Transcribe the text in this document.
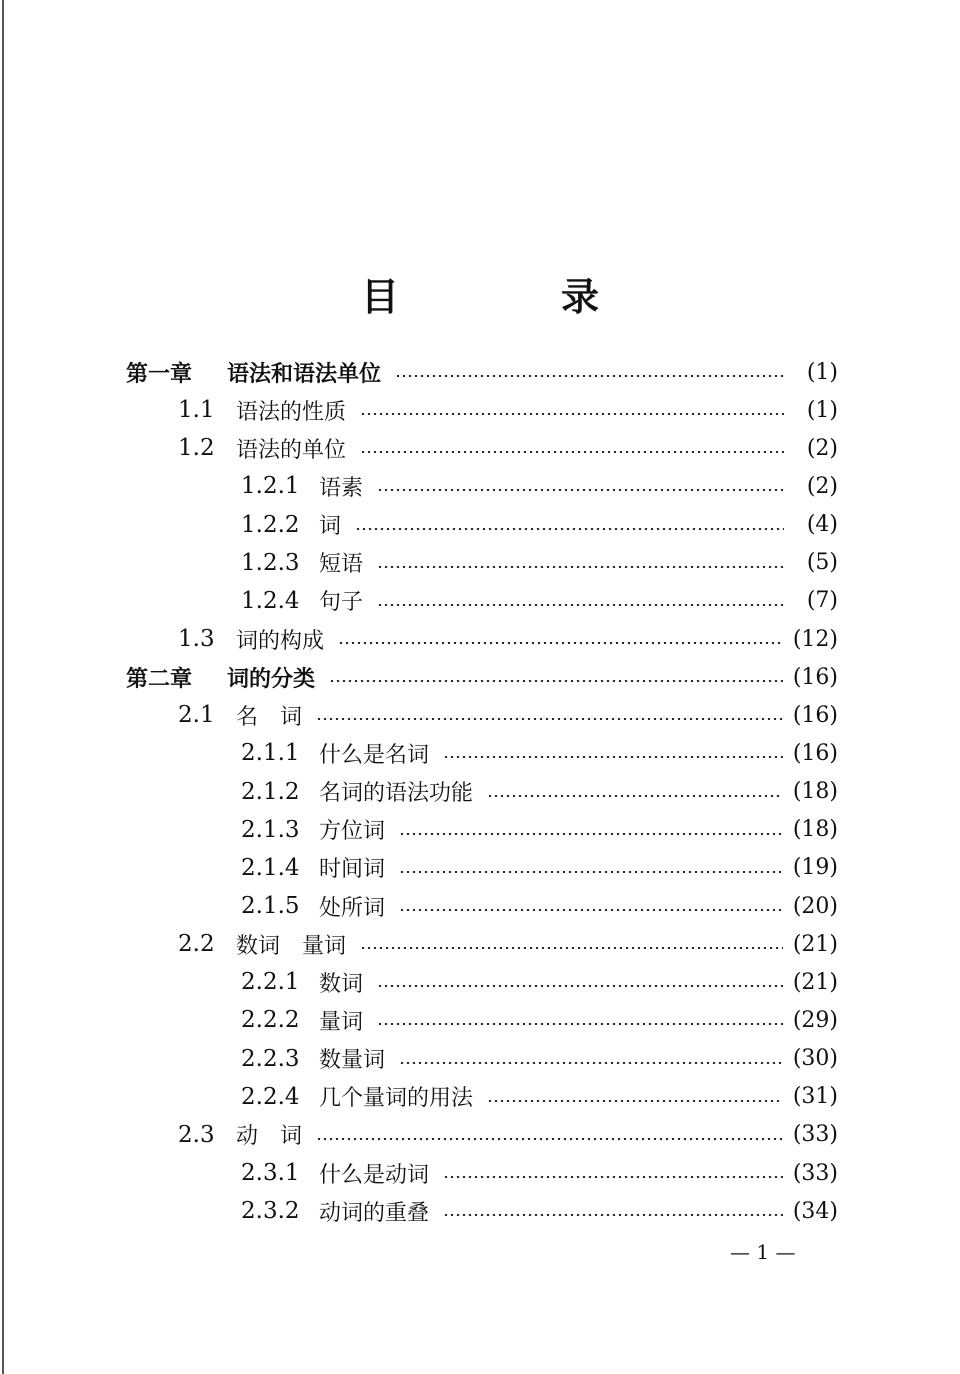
目　录
第一章	语法和语法单位	(1)
1.1 语法的性质	(1)
1.2 语法的单位	(2)
1.2.1 语素	(2)
1.2.2 词	(4)
1.2.3 短语	(5)
1.2.4 句子	(7)
1.3 词的构成	(12)
第二章	词的分类	(16)
2.1 名　词	(16)
2.1.1 什么是名词	(16)
2.1.2 名词的语法功能	(18)
2.1.3 方位词	(18)
2.1.4 时间词	(19)
2.1.5 处所词	(20)
2.2 数词　量词	(21)
2.2.1 数词	(21)
2.2.2 量词	(29)
2.2.3 数量词	(30)
2.2.4 几个量词的用法	(31)
2.3 动　词	(33)
2.3.1 什么是动词	(33)
2.3.2 动词的重叠	(34)
— 1 —
